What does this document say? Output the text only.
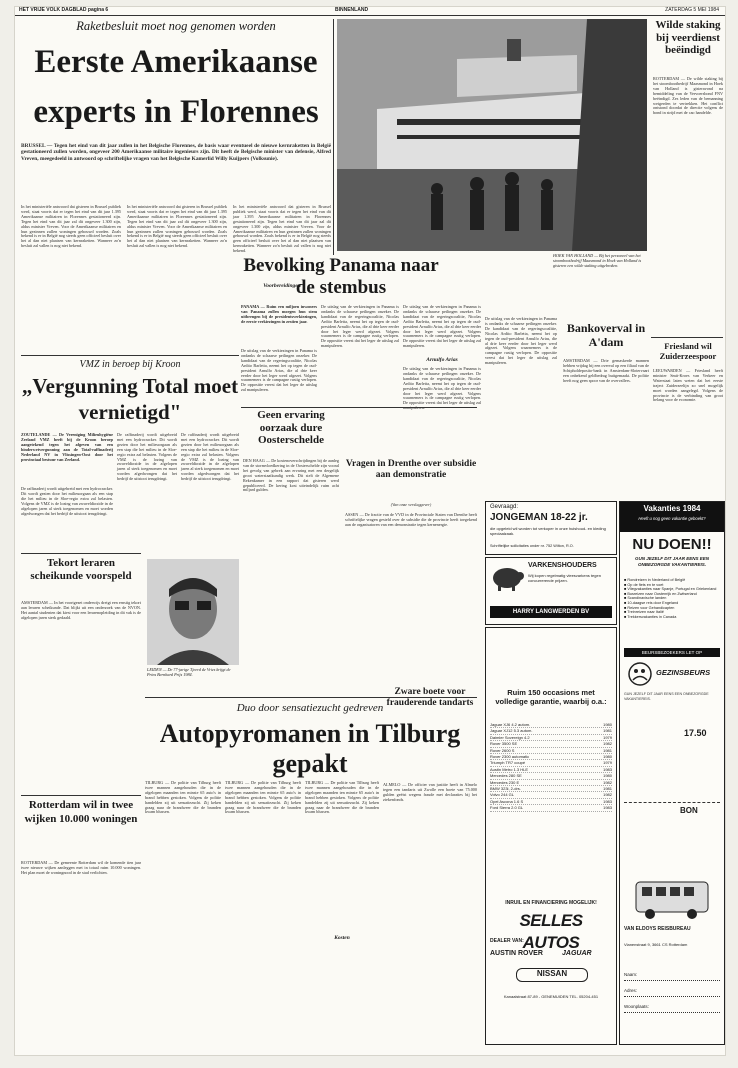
HET VRIJE VOLK DAGBLAD pagina 6	BINNENLAND	ZATERDAG 5 MEI 1984
Raketbesluit moet nog genomen worden
Eerste Amerikaanse experts in Florennes
BRUSSEL — Tegen het eind van dit jaar zullen in het Belgische Florennes, de basis waar eventueel de nieuwe kernraketten in België gestationeerd zullen worden, ongeveer 200 Amerikaanse militaire ingenieurs zijn. Dit heeft de Belgische minister van defensie, Alfred Vreven, meegedeeld in antwoord op schriftelijke vragen van het Belgische Kamerlid Willy Kuijpers (Volksunie).
In het ministeriële antwoord dat gisteren in Brussel publiek werd, staat voorts dat er tegen het eind van dit jaar 1.395 Amerikaanse militairen in Florennes gestationeerd zijn. Tegen het eind van dit jaar zal dit ongeveer 1.300 zijn, aldus minister Vreven. Voor de Amerikaanse militairen en hun gezinnen zullen woningen gebouwd worden. Zoals bekend is er in België nog steeds geen officieel besluit over het al dan niet plaatsen van kernraketten. Wanneer zo'n besluit zal vallen is nog niet bekend.
In het ministeriële antwoord dat gisteren in Brussel publiek werd, staat voorts dat er tegen het eind van dit jaar 1.395 Amerikaanse militairen in Florennes gestationeerd zijn. Tegen het eind van dit jaar zal dit ongeveer 1.300 zijn, aldus minister Vreven. Voor de Amerikaanse militairen en hun gezinnen zullen woningen gebouwd worden. Zoals bekend is er in België nog steeds geen officieel besluit over het al dan niet plaatsen van kernraketten. Wanneer zo'n besluit zal vallen is nog niet bekend.
In het ministeriële antwoord dat gisteren in Brussel publiek werd, staat voorts dat er tegen het eind van dit jaar 1.395 Amerikaanse militairen in Florennes gestationeerd zijn. Tegen het eind van dit jaar zal dit ongeveer 1.300 zijn, aldus minister Vreven. Voor de Amerikaanse militairen en hun gezinnen zullen woningen gebouwd worden. Zoals bekend is er in België nog steeds geen officieel besluit over het al dan niet plaatsen van kernraketten. Wanneer zo'n besluit zal vallen is nog niet bekend.
Voorbereidingen
Wilde staking bij veerdienst beëindigd
ROTTERDAM — De wilde staking bij het stoombootbedrijf Maasmond in Hoek van Holland is gisteravond na bemiddeling van de Vervoersbond FNV beëindigd. Zes leden van de bemanning weigerden te vertrekken. Het conflict ontstond doordat de directie volgens de bond in strijd met de cao handelde.
HOEK VAN HOLLAND — Bij het personeel van het stoombootbedrijf Maasmond in Hoek van Holland is gisteren een wilde staking uitgebroken.
Bevolking Panama naar de stembus
PANAMA — Ruim een miljoen inwoners van Panama zullen morgen hun stem uitbrengen bij de presidentsverkiezingen, de eerste verkiezingen in zestien jaar.
De uitslag van de verkiezingen in Panama is ondanks de schaarse peilingen onzeker. De kandidaat van de regeringscoalitie, Nicolas Ardito Barletta, neemt het op tegen de oud-president Arnulfo Arias, die al drie keer eerder door het leger werd afgezet. Volgens waarnemers is de campagne rustig verlopen. De oppositie vreest dat het leger de uitslag zal manipuleren.
De uitslag van de verkiezingen in Panama is ondanks de schaarse peilingen onzeker. De kandidaat van de regeringscoalitie, Nicolas Ardito Barletta, neemt het op tegen de oud-president Arnulfo Arias, die al drie keer eerder door het leger werd afgezet. Volgens waarnemers is de campagne rustig verlopen. De oppositie vreest dat het leger de uitslag zal manipuleren.
De uitslag van de verkiezingen in Panama is ondanks de schaarse peilingen onzeker. De kandidaat van de regeringscoalitie, Nicolas Ardito Barletta, neemt het op tegen de oud-president Arnulfo Arias, die al drie keer eerder door het leger werd afgezet. Volgens waarnemers is de campagne rustig verlopen. De oppositie vreest dat het leger de uitslag zal manipuleren.
Arnulfo Arias
De uitslag van de verkiezingen in Panama is ondanks de schaarse peilingen onzeker. De kandidaat van de regeringscoalitie, Nicolas Ardito Barletta, neemt het op tegen de oud-president Arnulfo Arias, die al drie keer eerder door het leger werd afgezet. Volgens waarnemers is de campagne rustig verlopen. De oppositie vreest dat het leger de uitslag zal
De uitslag van de verkiezingen in Panama is ondanks de schaarse peilingen onzeker. De kandidaat van de regeringscoalitie, Nicolas Ardito Barletta, neemt het op tegen de oud-president Arnulfo Arias, die al drie keer eerder door het leger werd afgezet. Volgens waarnemers is de campagne rustig verlopen. De oppositie vreest dat het leger de uitslag zal manipuleren.
Friesland wil Zuiderzeespoor
LEEUWARDEN — Friesland heeft minister Smit-Kroes van Verkeer en Waterstaat laten weten dat het eerste traject Zuiderzeelijn zo snel mogelijk moet worden aangelegd. Volgens de provincie is de verbinding van groot belang voor de economie.
Bankoverval in A'dam
AMSTERDAM — Drie gemaskerde mannen hebben vrijdag bij een overval op een filiaal van de Schipholdeposito-bank in Amsterdam-Slotervaart een onbekend geldbedrag buitgemaakt. De politie heeft nog geen spoor van de overvallers.
VMZ in beroep bij Kroon
„Vergunning Total moet vernietigd"
ZOUTELANDE — De Vereniging Milieuhygiëne Zeeland VMZ heeft bij de Kroon beroep aangetekend tegen het afgeven van een hinderwetvergunning aan de Total-raffinaderij Nederland NV in Vlissingen-Oost door het provinciaal bestuur van Zeeland.
De raffinaderij wordt uitgebreid met een hydrocracker. Dit wordt gezien door het milieuorgaan als een stap die het milieu in de Sloe-regio extra zal belasten. Volgens de VMZ is de lozing van zwaveldioxide in de afgelopen jaren al sterk toegenomen en moet worden afgedwongen dat het bedrijf de uitstoot terugdringt.
De raffinaderij wordt uitgebreid met een hydrocracker. Dit wordt gezien door het milieuorgaan als een stap die het milieu in de Sloe-regio extra zal belasten. Volgens de VMZ is de lozing van zwaveldioxide in de afgelopen jaren al sterk toegenomen en moet worden afgedwongen dat het bedrijf de uitstoot terugdringt.
De raffinaderij wordt uitgebreid met een hydrocracker. Dit wordt gezien door het milieuorgaan als een stap die het milieu in de Sloe-regio extra zal belasten. Volgens de VMZ is de lozing van zwaveldioxide in de afgelopen jaren al sterk toegenomen en moet worden afgedwongen dat het bedrijf de uitstoot terugdringt.
Geen ervaring oorzaak dure Oosterschelde
DEN HAAG — De kostenoverschrijdingen bij de aanleg van de stormvloedkering in de Oosterschelde zijn vooral het gevolg van gebrek aan ervaring met een dergelijk groot waterstaatkundig werk. Dit stelt de Algemene Rekenkamer in een rapport dat gisteren werd gepubliceerd. De kering kost uiteindelijk ruim acht miljard gulden.
Vragen in Drenthe over subsidie aan demonstratie
(Van onze verslaggever)
ASSEN — De fractie van de VVD in de Provinciale Staten van Drenthe heeft schriftelijke vragen gesteld over de subsidie die de provincie heeft toegekend aan de organisatoren van een demonstratie tegen kernenergie.
Tekort leraren scheikunde voorspeld
AMSTERDAM — In het voortgezet onderwijs dreigt een ernstig tekort aan leraren scheikunde. Dat blijkt uit een onderzoek van de NVON. Het aantal studenten dat kiest voor een lerarenopleiding in dit vak is de afgelopen jaren sterk gedaald.
LEIDEN — De 77-jarige Tjeerd de Vries krijgt de Prins Bernhard Prijs 1984.
Rotterdam wil in twee wijken 10.000 woningen
ROTTERDAM — De gemeente Rotterdam wil de komende tien jaar twee nieuwe wijken aanleggen met in totaal ruim 10.000 woningen. Het plan moet de woningnood in de stad verlichten.
Duo door sensatiezucht gedreven
Autopyromanen in Tilburg gepakt
TILBURG — De politie van Tilburg heeft twee mannen aangehouden die in de afgelopen maanden ten minste 65 auto's in brand hebben gestoken. Volgens de politie handelden zij uit sensatiezucht. Zij keken graag naar de brandweer die de branden kwam blussen.
TILBURG — De politie van Tilburg heeft twee mannen aangehouden die in de afgelopen maanden ten minste 65 auto's in brand hebben gestoken. Volgens de politie handelden zij uit sensatiezucht. Zij keken graag naar de brandweer die de branden kwam blussen.
TILBURG — De politie van Tilburg heeft twee mannen aangehouden die in de afgelopen maanden ten minste 65 auto's in brand hebben gestoken. Volgens de politie handelden zij uit sensatiezucht. Zij keken graag naar de brandweer die de branden kwam blussen.
Kosten
Zware boete voor frauderende tandarts
ALMELO — De officier van justitie heeft in Almelo tegen een tandarts uit Zwolle een boete van 75.000 gulden geëist wegens fraude met declaraties bij het ziekenfonds.
Gevraagd:
JONGEMAN 18-22 jr.
die opgeleid wil worden tot verkoper in onze huishoud- en kleding speciaalzaak.
Schriftelijke sollicitaties onder nr. 752 Wilton, R.O.
VARKENSHOUDERS
Wij kopen regelmatig vleesvarkens tegen concurrerende prijzen.
HARRY LANGWERDEN BV
Ruim 150 occasions met volledige garantie, waarbij o.a.:
Jaguar XJ6 4.2 autom.	1980
Jaguar XJ12 5.3 autom.	1981
Daimler Sovereign 4.2	1979
Rover 3500 SE	1982
Rover 2600 S	1981
Rover 2300 automatic	1980
Triumph TR7 coupé	1979
Austin Metro 1.3 HLE	1983
Mercedes 280 SE	1980
Mercedes 230 E	1982
BMW 323i, 2-drs.	1981
Volvo 244 GL	1982
Opel Ascona 1.6 S	1983
Ford Sierra 2.0 GL	1983
INRUIL EN FINANCIERING MOGELIJK!
SELLES AUTOS
DEALER VAN:
AUSTIN ROVER	JAGUAR
NISSAN
Kanaalstraat 87-89 - GENEMUIDEN TEL. 05204-451
Vakanties 1984
Heeft u nog geen vakantie geboekt?
NU DOEN!!
GUN JEZELF DIT JAAR EENS EEN ONBEZORGDE VAKANTIEREIS.
■ Rondreizen in Nederland of België
■ Op de fiets en te voet
■ Vliegvakanties naar Spanje, Portugal en Griekenland
■ Busreizen naar Oostenrijk en Zwitserland
■ Scandinavische landen
■ 10-daagse reis door Engeland
■ Reizen voor Gehandicapten
■ Treinreizen naar Italië
■ Trekkersvakanties in Canada
BEURSBEZOEKERS LET OP
GEZINSBEURS
GUN JEZELF DIT JAAR EENS EEN ONBEZORGDE VAKANTIEREIS.
17.50
BON
VAN ELDOYS REISBUREAU
Vianenstraat 9, 3661 CS Rotterdam
Naam:
Adres:
Woonplaats:
